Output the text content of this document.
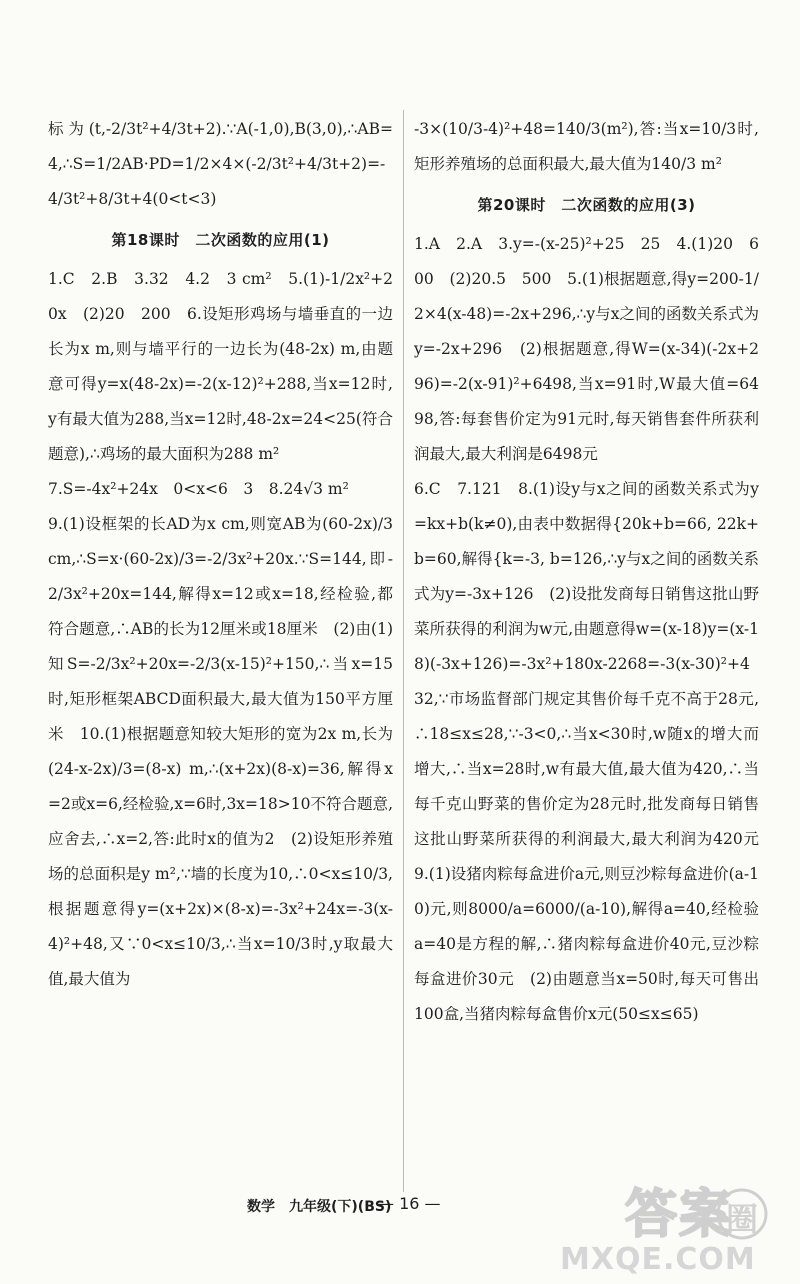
标为(t,-2/3t²+4/3t+2).∵A(-1,0),B(3,0),∴AB=4,∴S=1/2AB·PD=1/2×4×(-2/3t²+4/3t+2)=-4/3t²+8/3t+4(0<t<3)

第18课时　二次函数的应用(1)

1.C　2.B　3.32　4.2　3 cm²　5.(1)-1/2x²+20x　(2)20　200　6.设矩形鸡场与墙垂直的一边长为x m,则与墙平行的一边长为(48-2x) m,由题意可得y=x(48-2x)=-2(x-12)²+288,当x=12时,y有最大值为288,当x=12时,48-2x=24<25(符合题意),∴鸡场的最大面积为288 m²

7.S=-4x²+24x　0<x<6　3　8.24√3 m²

9.(1)设框架的长AD为x cm,则宽AB为(60-2x)/3 cm,∴S=x·(60-2x)/3=-2/3x²+20x.∵S=144,即-2/3x²+20x=144,解得x=12或x=18,经检验,都符合题意,∴AB的长为12厘米或18厘米　(2)由(1)知S=-2/3x²+20x=-2/3(x-15)²+150,∴当x=15时,矩形框架ABCD面积最大,最大值为150平方厘米　10.(1)根据题意知较大矩形的宽为2x m,长为(24-x-2x)/3=(8-x) m,∴(x+2x)(8-x)=36,解得x=2或x=6,经检验,x=6时,3x=18>10不符合题意,应舍去,∴x=2,答:此时x的值为2　(2)设矩形养殖场的总面积是y m²,∵墙的长度为10,∴0<x≤10/3,根据题意得y=(x+2x)×(8-x)=-3x²+24x=-3(x-4)²+48,又∵0<x≤10/3,∴当x=10/3时,y取最大值,最大值为

-3×(10/3-4)²+48=140/3(m²),答:当x=10/3时,矩形养殖场的总面积最大,最大值为140/3 m²

第20课时　二次函数的应用(3)

1.A　2.A　3.y=-(x-25)²+25　25　4.(1)20　600　(2)20.5　500　5.(1)根据题意,得y=200-1/2×4(x-48)=-2x+296,∴y与x之间的函数关系式为y=-2x+296　(2)根据题意,得W=(x-34)(-2x+296)=-2(x-91)²+6498,当x=91时,W最大值=6498,答:每套售价定为91元时,每天销售套件所获利润最大,最大利润是6498元

6.C　7.121　8.(1)设y与x之间的函数关系式为y=kx+b(k≠0),由表中数据得{20k+b=66, 22k+b=60,解得{k=-3, b=126,∴y与x之间的函数关系式为y=-3x+126　(2)设批发商每日销售这批山野菜所获得的利润为w元,由题意得w=(x-18)y=(x-18)(-3x+126)=-3x²+180x-2268=-3(x-30)²+432,∵市场监督部门规定其售价每千克不高于28元,∴18≤x≤28,∵-3<0,∴当x<30时,w随x的增大而增大,∴当x=28时,w有最大值,最大值为420,∴当每千克山野菜的售价定为28元时,批发商每日销售这批山野菜所获得的利润最大,最大利润为420元　9.(1)设猪肉粽每盒进价a元,则豆沙粽每盒进价(a-10)元,则8000/a=6000/(a-10),解得a=40,经检验a=40是方程的解,∴猪肉粽每盒进价40元,豆沙粽每盒进价30元　(2)由题意当x=50时,每天可售出100盒,当猪肉粽每盒售价x元(50≤x≤65)

数学　九年级(下)(BS)
— 16 —	答案
圈
MXQE.COM
